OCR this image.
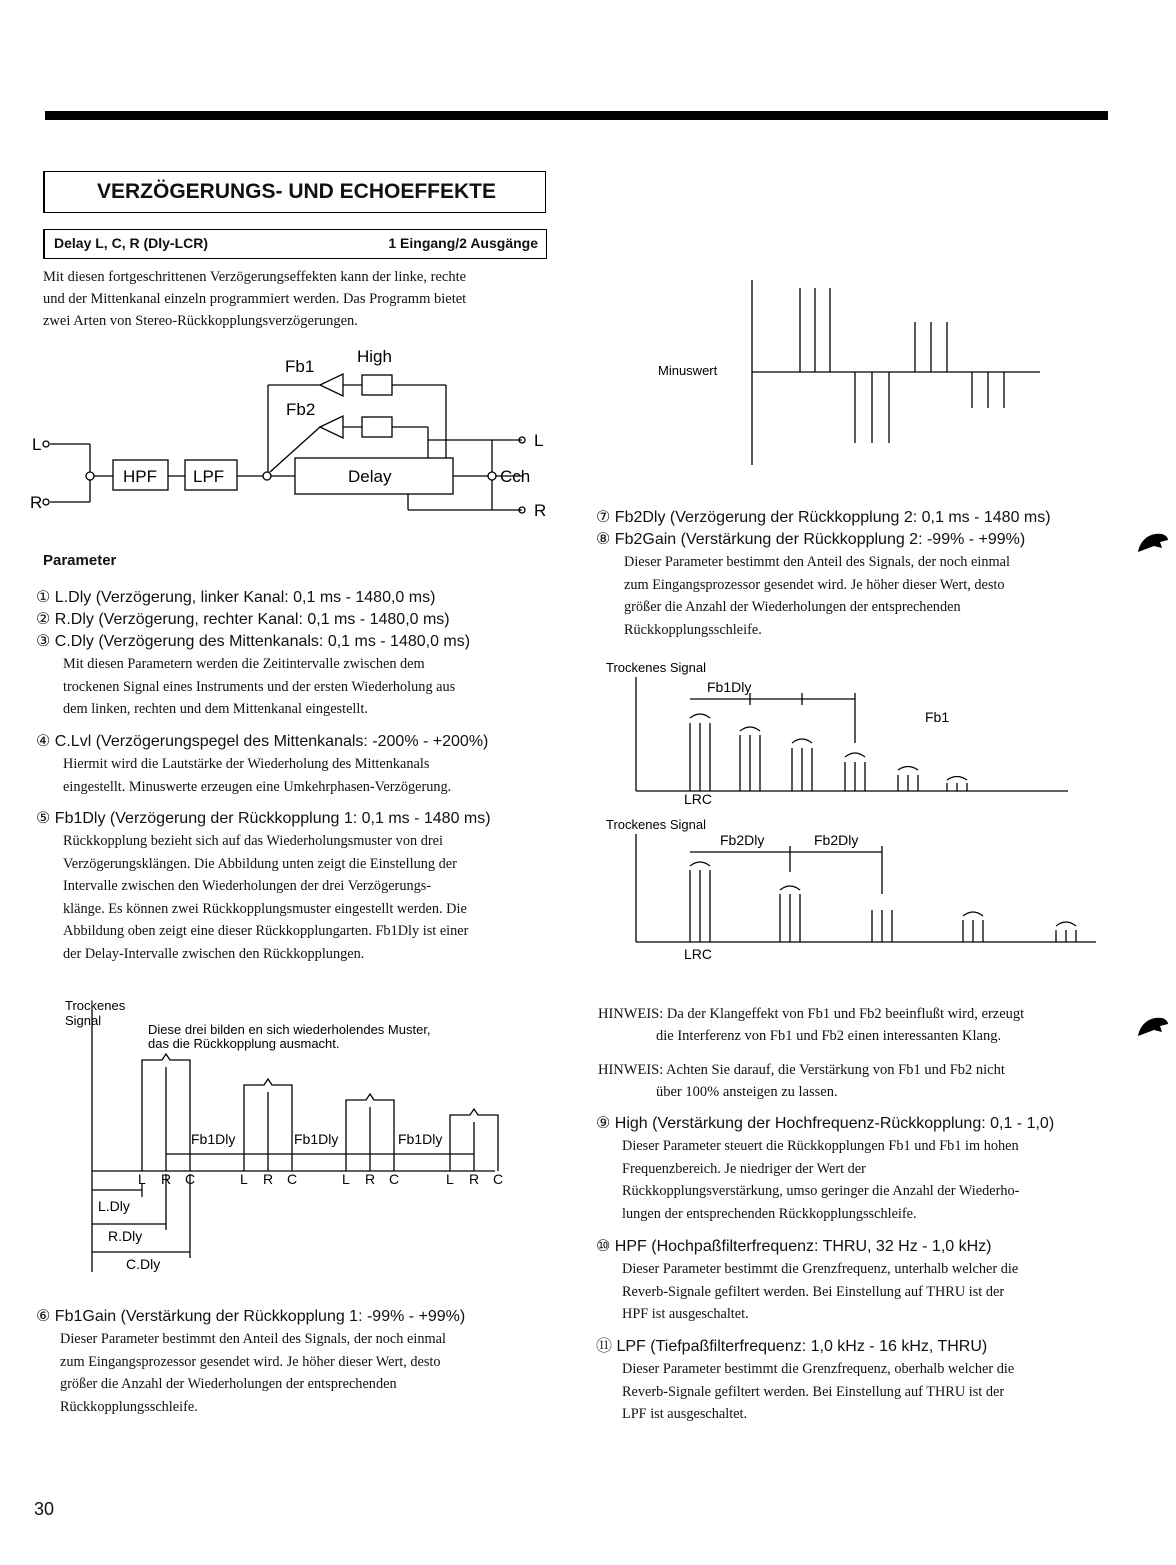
VERZÖGERUNGS- UND ECHOEFFEKTE
Delay L, C, R (Dly-LCR)	1 Eingang/2 Ausgänge
Mit diesen fortgeschrittenen Verzögerungseffekten kann der linke, rechte
und der Mittenkanal einzeln programmiert werden. Das Programm bietet
zwei Arten von Stereo-Rückkopplungsverzögerungen.
Fb1
High
Fb2
L
R
HPF LPF	Delay
L
Cch
R
Parameter
① L.Dly (Verzögerung, linker Kanal: 0,1 ms - 1480,0 ms)
② R.Dly (Verzögerung, rechter Kanal: 0,1 ms - 1480,0 ms)
③ C.Dly (Verzögerung des Mittenkanals: 0,1 ms - 1480,0 ms)
Mit diesen Parametern werden die Zeitintervalle zwischen dem
trockenen Signal eines Instruments und der ersten Wiederholung aus
dem linken, rechten und dem Mittenkanal eingestellt.
④ C.Lvl (Verzögerungspegel des Mittenkanals: -200% - +200%)
Hiermit wird die Lautstärke der Wiederholung des Mittenkanals
eingestellt. Minuswerte erzeugen eine Umkehrphasen-Verzögerung.
⑤ Fb1Dly (Verzögerung der Rückkopplung 1: 0,1 ms - 1480 ms)
Rückkopplung bezieht sich auf das Wiederholungsmuster von drei
Verzögerungsklängen. Die Abbildung unten zeigt die Einstellung der
Intervalle zwischen den Wiederholungen der drei Verzögerungs-
klänge. Es können zwei Rückkopplungsmuster eingestellt werden. Die
Abbildung oben zeigt eine dieser Rückkopplungarten. Fb1Dly ist einer
der Delay-Intervalle zwischen den Rückkopplungen.
Trockenes
Signal
Diese drei bilden en sich wiederholendes Muster,
das die Rückkopplung ausmacht.
Fb1Dly	Fb1Dly	Fb1Dly
L R C	L R C	L R C	L R C
L.Dly
R.Dly
C.Dly
⑥ Fb1Gain (Verstärkung der Rückkopplung 1: -99% - +99%)
Dieser Parameter bestimmt den Anteil des Signals, der noch einmal
zum Eingangsprozessor gesendet wird. Je höher dieser Wert, desto
größer die Anzahl der Wiederholungen der entsprechenden
Rückkopplungsschleife.
Minuswert
⑦ Fb2Dly (Verzögerung der Rückkopplung 2: 0,1 ms - 1480 ms)
⑧ Fb2Gain (Verstärkung der Rückkopplung 2: -99% - +99%)
Dieser Parameter bestimmt den Anteil des Signals, der noch einmal
zum Eingangsprozessor gesendet wird. Je höher dieser Wert, desto
größer die Anzahl der Wiederholungen der entsprechenden
Rückkopplungsschleife.
Trockenes Signal
Fb1Dly
Fb1
LRC
Trockenes Signal
Fb2Dly	Fb2Dly
LRC
HINWEIS: Da der Klangeffekt von Fb1 und Fb2 beeinflußt wird, erzeugt
die Interferenz von Fb1 und Fb2 einen interessanten Klang.
HINWEIS: Achten Sie darauf, die Verstärkung von Fb1 und Fb2 nicht
über 100% ansteigen zu lassen.
⑨ High (Verstärkung der Hochfrequenz-Rückkopplung: 0,1 - 1,0)
Dieser Parameter steuert die Rückkopplungen Fb1 und Fb1 im hohen
Frequenzbereich. Je niedriger der Wert der
Rückkopplungsverstärkung, umso geringer die Anzahl der Wiederho-
lungen der entsprechenden Rückkopplungsschleife.
⑩ HPF (Hochpaßfilterfrequenz: THRU, 32 Hz - 1,0 kHz)
Dieser Parameter bestimmt die Grenzfrequenz, unterhalb welcher die
Reverb-Signale gefiltert werden. Bei Einstellung auf THRU ist der
HPF ist ausgeschaltet.
⑪ LPF (Tiefpaßfilterfrequenz: 1,0 kHz - 16 kHz, THRU)
Dieser Parameter bestimmt die Grenzfrequenz, oberhalb welcher die
Reverb-Signale gefiltert werden. Bei Einstellung auf THRU ist der
LPF ist ausgeschaltet.
30
